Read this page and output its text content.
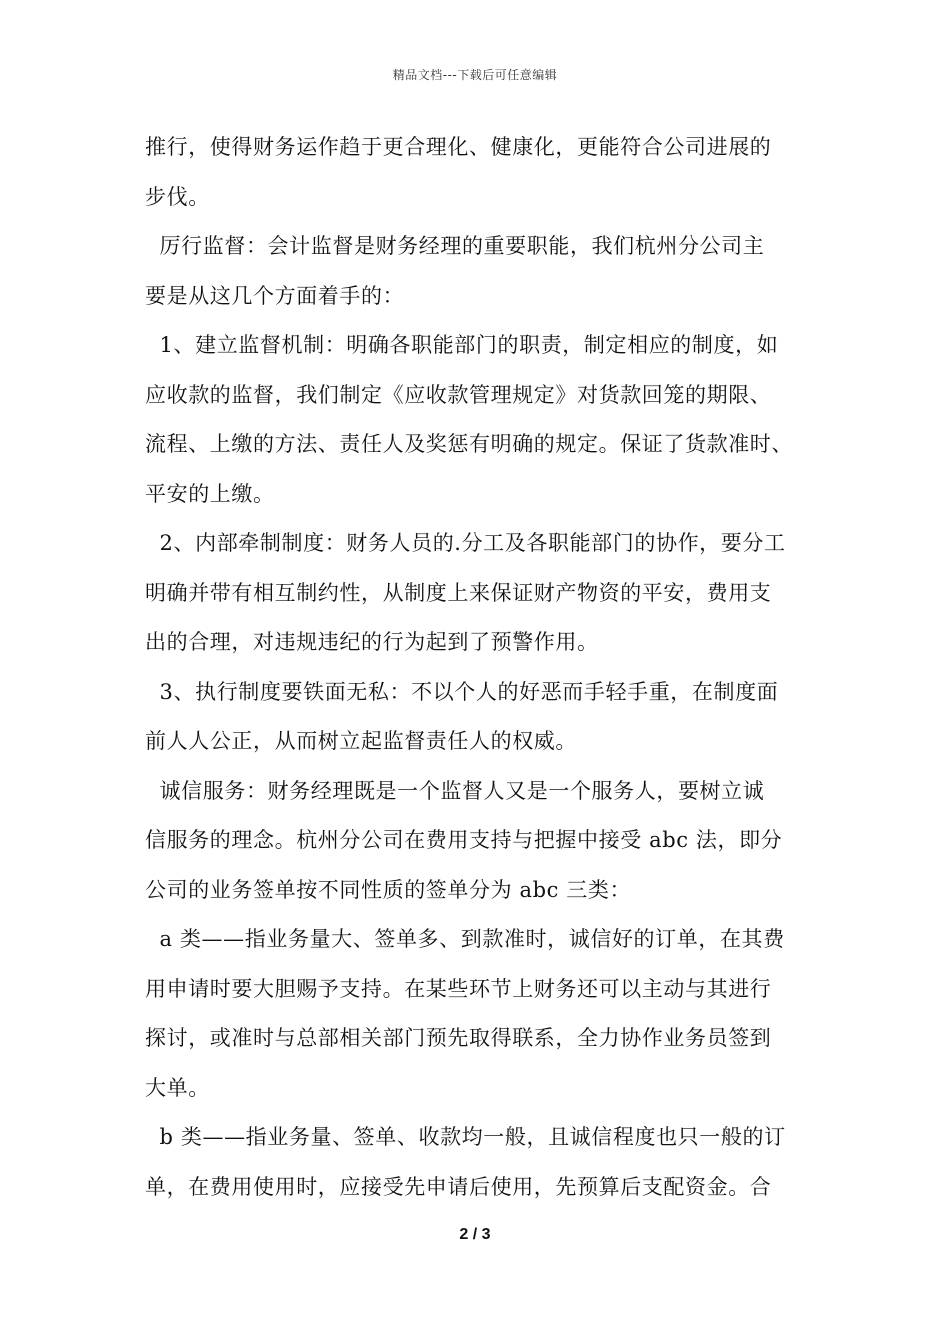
精品文档---下载后可任意编辑
推行，使得财务运作趋于更合理化、健康化，更能符合公司进展的
步伐。
厉行监督：会计监督是财务经理的重要职能，我们杭州分公司主
要是从这几个方面着手的：
1、建立监督机制：明确各职能部门的职责，制定相应的制度，如
应收款的监督，我们制定《应收款管理规定》对货款回笼的期限、
流程、上缴的方法、责任人及奖惩有明确的规定。保证了货款准时、
平安的上缴。
2、内部牵制制度：财务人员的.分工及各职能部门的协作，要分工
明确并带有相互制约性，从制度上来保证财产物资的平安，费用支
出的合理，对违规违纪的行为起到了预警作用。
3、执行制度要铁面无私：不以个人的好恶而手轻手重，在制度面
前人人公正，从而树立起监督责任人的权威。
诚信服务：财务经理既是一个监督人又是一个服务人，要树立诚
信服务的理念。杭州分公司在费用支持与把握中接受 abc 法，即分
公司的业务签单按不同性质的签单分为 abc 三类：
a 类——指业务量大、签单多、到款准时，诚信好的订单，在其费
用申请时要大胆赐予支持。在某些环节上财务还可以主动与其进行
探讨，或准时与总部相关部门预先取得联系，全力协作业务员签到
大单。
b 类——指业务量、签单、收款均一般，且诚信程度也只一般的订
单，在费用使用时，应接受先申请后使用，先预算后支配资金。合
2 / 3
